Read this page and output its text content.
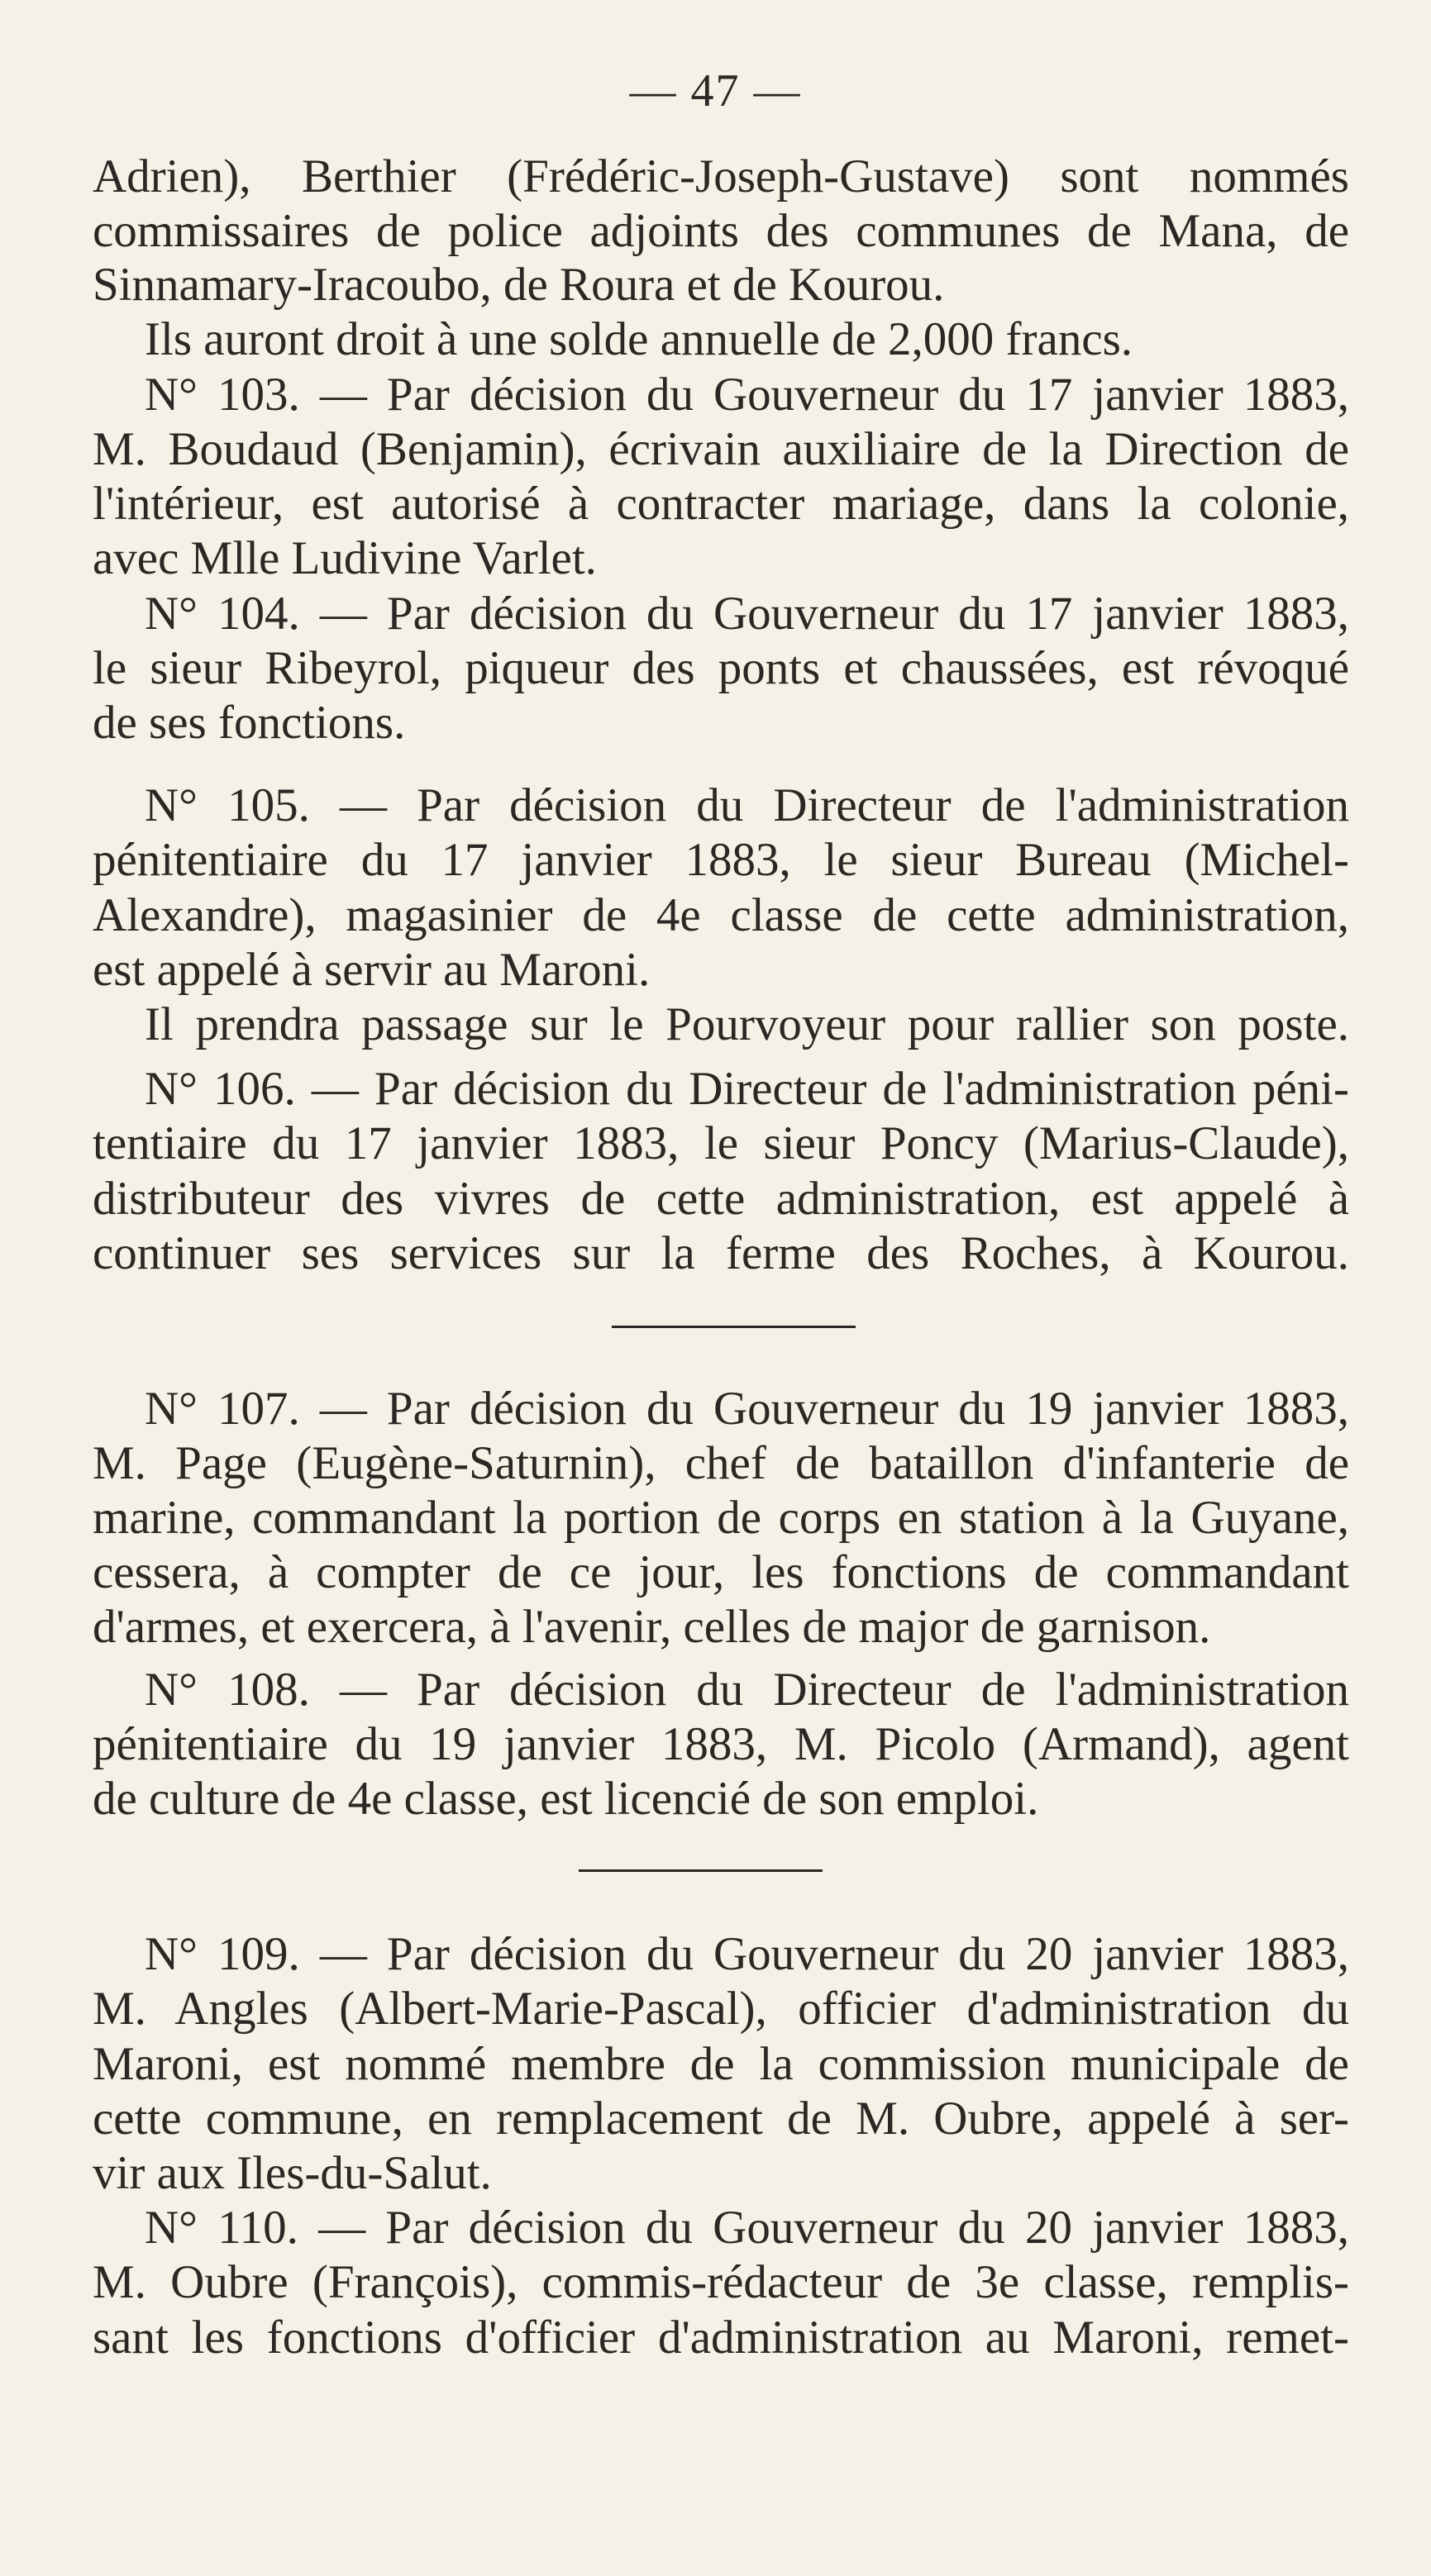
— 47 —
Adrien), Berthier (Frédéric-Joseph-Gustave) sont nommés
commissaires de police adjoints des communes de Mana, de
Sinnamary-Iracoubo, de Roura et de Kourou.
Ils auront droit à une solde annuelle de 2,000 francs.
N° 103. — Par décision du Gouverneur du 17 janvier 1883,
M. Boudaud (Benjamin), écrivain auxiliaire de la Direction de
l'intérieur, est autorisé à contracter mariage, dans la colonie,
avec Mlle Ludivine Varlet.
N° 104. — Par décision du Gouverneur du 17 janvier 1883,
le sieur Ribeyrol, piqueur des ponts et chaussées, est révoqué
de ses fonctions.
N° 105. — Par décision du Directeur de l'administration
pénitentiaire du 17 janvier 1883, le sieur Bureau (Michel-
Alexandre), magasinier de 4e classe de cette administration,
est appelé à servir au Maroni.
Il prendra passage sur le Pourvoyeur pour rallier son poste.
N° 106. — Par décision du Directeur de l'administration péni-
tentiaire du 17 janvier 1883, le sieur Poncy (Marius-Claude),
distributeur des vivres de cette administration, est appelé à
continuer ses services sur la ferme des Roches, à Kourou.
N° 107. — Par décision du Gouverneur du 19 janvier 1883,
M. Page (Eugène-Saturnin), chef de bataillon d'infanterie de
marine, commandant la portion de corps en station à la Guyane,
cessera, à compter de ce jour, les fonctions de commandant
d'armes, et exercera, à l'avenir, celles de major de garnison.
N° 108. — Par décision du Directeur de l'administration
pénitentiaire du 19 janvier 1883, M. Picolo (Armand), agent
de culture de 4e classe, est licencié de son emploi.
N° 109. — Par décision du Gouverneur du 20 janvier 1883,
M. Angles (Albert-Marie-Pascal), officier d'administration du
Maroni, est nommé membre de la commission municipale de
cette commune, en remplacement de M. Oubre, appelé à ser-
vir aux Iles-du-Salut.
N° 110. — Par décision du Gouverneur du 20 janvier 1883,
M. Oubre (François), commis-rédacteur de 3e classe, remplis-
sant les fonctions d'officier d'administration au Maroni, remet-
